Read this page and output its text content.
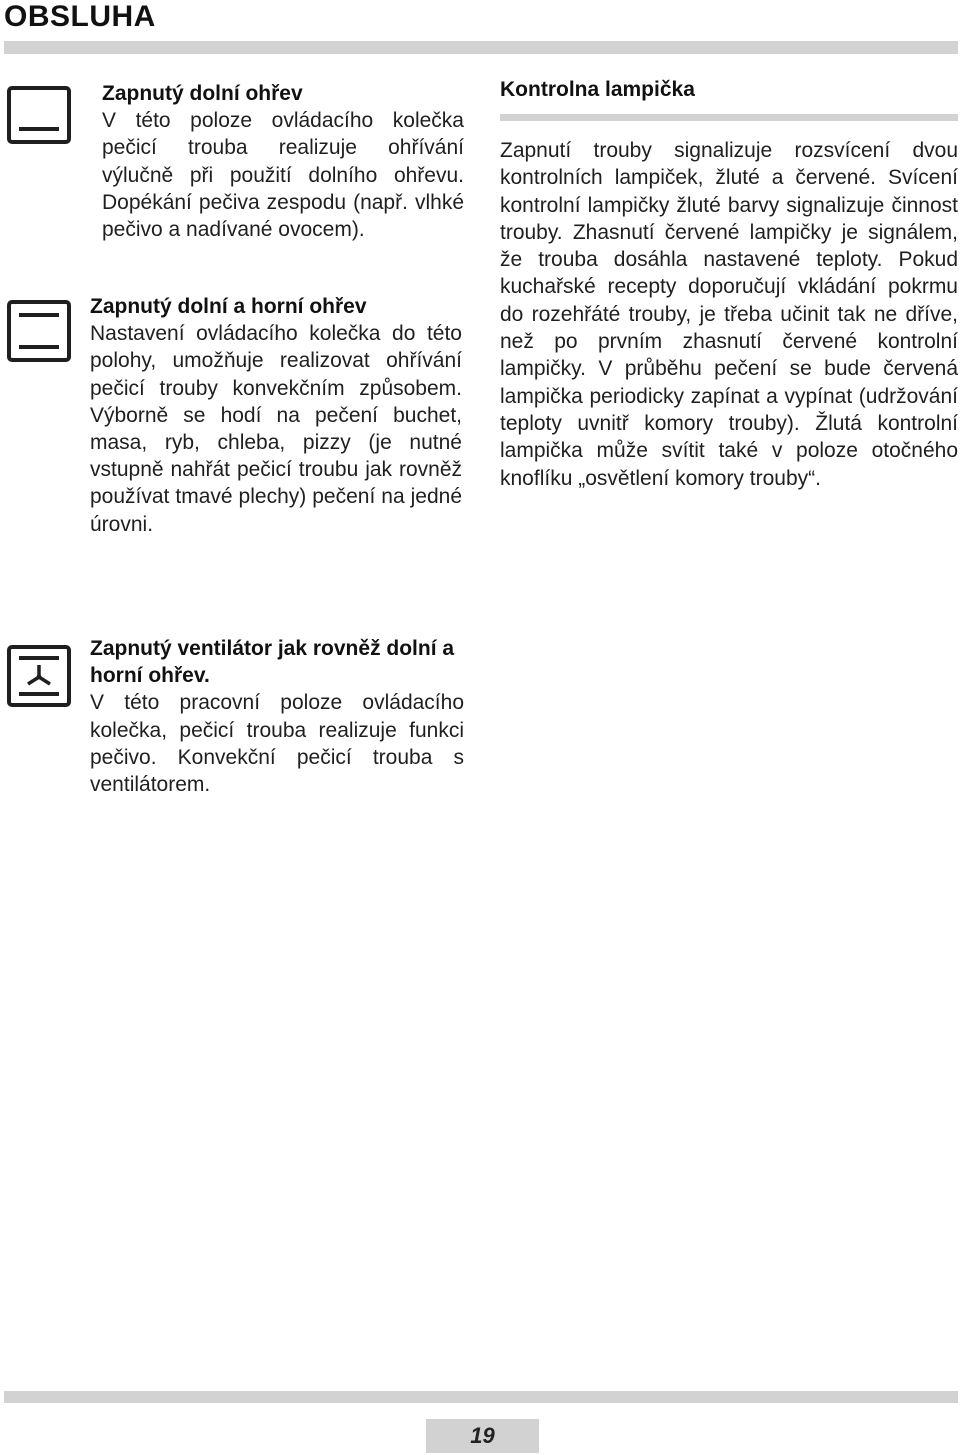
OBSLUHA
Zapnutý dolní ohřev
V této poloze ovládacího kolečka pečicí trouba realizuje ohřívání výlučně při použití dolního ohřevu. Dopékání pečiva zespodu (např. vlhké pečivo a nadívané ovocem).
Zapnutý dolní a horní ohřev
Nastavení ovládacího kolečka do této polohy, umožňuje realizovat ohřívání pečicí trouby konvekčním způsobem. Výborně se hodí na pečení buchet, masa, ryb, chleba, pizzy (je nutné vstupně nahřát pečicí troubu jak rovněž používat tmavé plechy) pečení na jedné úrovni.
Zapnutý ventilátor jak rovněž dolní a horní ohřev.
V této pracovní poloze ovládacího kolečka, pečicí trouba realizuje funkci pečivo. Konvekční pečicí trouba s ventilátorem.
Kontrolna lampička
Zapnutí trouby signalizuje rozsvícení dvou kontrolních lampiček, žluté a červené. Svícení kontrolní lampičky žluté barvy signalizuje činnost trouby. Zhasnutí červené lampičky je signálem, že trouba dosáhla nastavené teploty. Pokud kuchařské recepty doporučují vkládání pokrmu do rozehřáté trouby, je třeba učinit tak ne dříve, než po prvním zhasnutí červené kontrolní lampičky. V průběhu pečení se bude červená lampička periodicky zapínat a vypínat (udržování teploty uvnitř komory trouby). Žlutá kontrolní lampička může svítit také v poloze otočného knoflíku „osvětlení komory trouby“.
19
